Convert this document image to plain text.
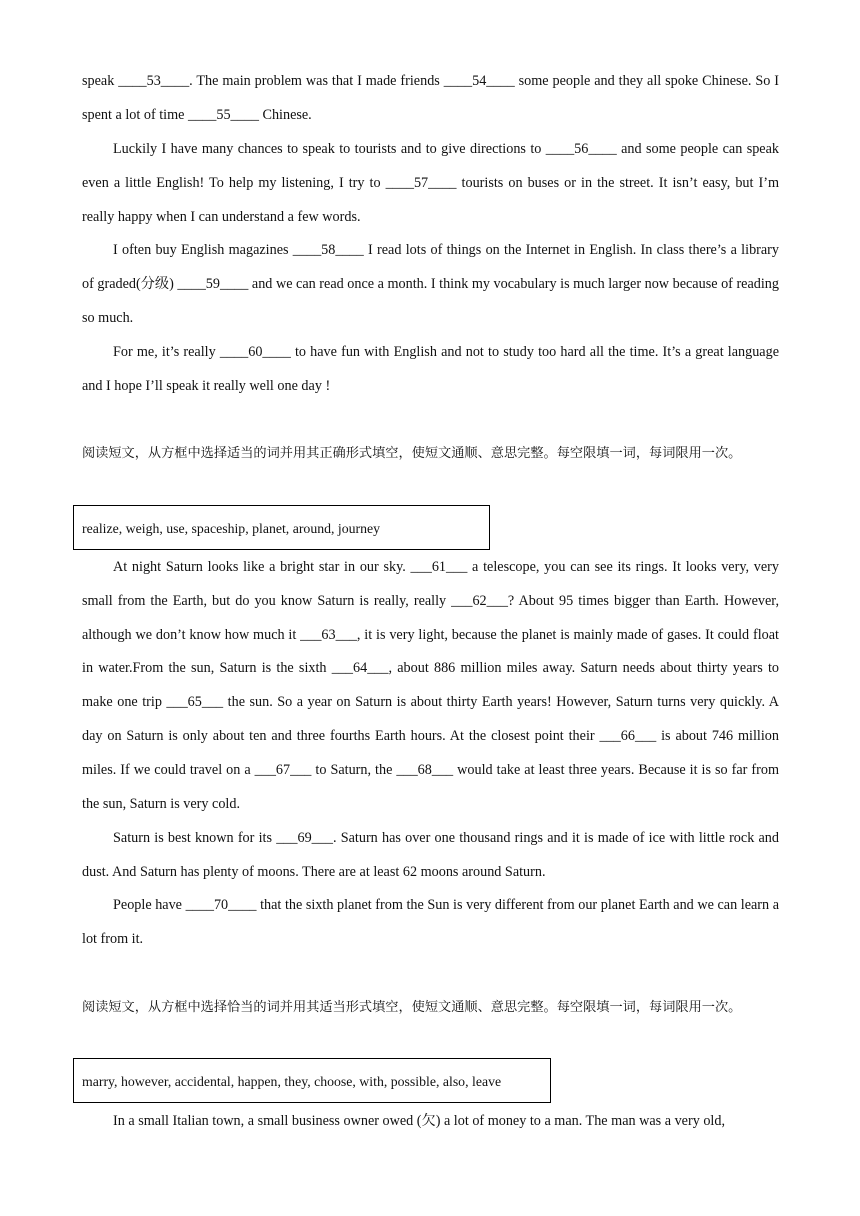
speak ____53____. The main problem was that I made friends ____54____ some people and they all spoke Chinese. So I spent a lot of time ____55____ Chinese.

Luckily I have many chances to speak to tourists and to give directions to ____56____ and some people can speak even a little English! To help my listening, I try to ____57____ tourists on buses or in the street. It isn’t easy, but I’m really happy when I can understand a few words.

I often buy English magazines ____58____ I read lots of things on the Internet in English. In class there’s a library of graded(分级) ____59____ and we can read once a month. I think my vocabulary is much larger now because of reading so much.

For me, it’s really ____60____ to have fun with English and not to study too hard all the time. It’s a great language and I hope I’ll speak it really well one day !

阅读短文，从方框中选择适当的词并用其正确形式填空，使短文通顺、意思完整。每空限填一词，每词限用一次。

realize, weigh, use, spaceship, planet, around, journey

At night Saturn looks like a bright star in our sky. ___61___ a telescope, you can see its rings. It looks very, very small from the Earth, but do you know Saturn is really, really ___62___? About 95 times bigger than Earth. However, although we don’t know how much it ___63___, it is very light, because the planet is mainly made of gases. It could float in water.From the sun, Saturn is the sixth ___64___, about 886 million miles away. Saturn needs about thirty years to make one trip ___65___ the sun. So a year on Saturn is about thirty Earth years! However, Saturn turns very quickly. A day on Saturn is only about ten and three fourths Earth hours. At the closest point their ___66___ is about 746 million miles. If we could travel on a ___67___ to Saturn, the ___68___ would take at least three years. Because it is so far from the sun, Saturn is very cold.

Saturn is best known for its ___69___. Saturn has over one thousand rings and it is made of ice with little rock and dust. And Saturn has plenty of moons. There are at least 62 moons around Saturn.

People have ____70____ that the sixth planet from the Sun is very different from our planet Earth and we can learn a lot from it.

阅读短文，从方框中选择恰当的词并用其适当形式填空，使短文通顺、意思完整。每空限填一词，每词限用一次。

marry, however, accidental, happen, they, choose, with, possible, also, leave

In a small Italian town, a small business owner owed (欠) a lot of money to a man. The man was a very old,
